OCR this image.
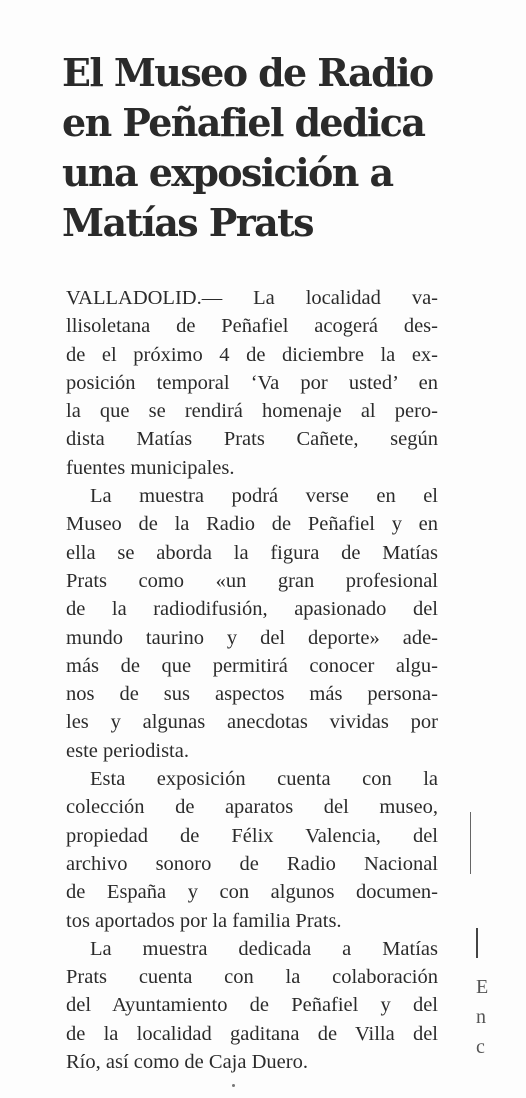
El Museo de Radio
en Peñafiel dedica
una exposición a
Matías Prats

VALLADOLID.— La localidad va-
llisoletana de Peñafiel acogerá des-
de el próximo 4 de diciembre la ex-
posición temporal ‘Va por usted’ en
la que se rendirá homenaje al pero-
dista Matías Prats Cañete, según
fuentes municipales.

La muestra podrá verse en el
Museo de la Radio de Peñafiel y en
ella se aborda la figura de Matías
Prats como «un gran profesional
de la radiodifusión, apasionado del
mundo taurino y del deporte» ade-
más de que permitirá conocer algu-
nos de sus aspectos más persona-
les y algunas anecdotas vividas por
este periodista.

Esta exposición cuenta con la
colección de aparatos del museo,
propiedad de Félix Valencia, del
archivo sonoro de Radio Nacional
de España y con algunos documen-
tos aportados por la familia Prats.

La muestra dedicada a Matías
Prats cuenta con la colaboración
del Ayuntamiento de Peñafiel y del
de la localidad gaditana de Villa del
Río, así como de Caja Duero.

E
n
c
